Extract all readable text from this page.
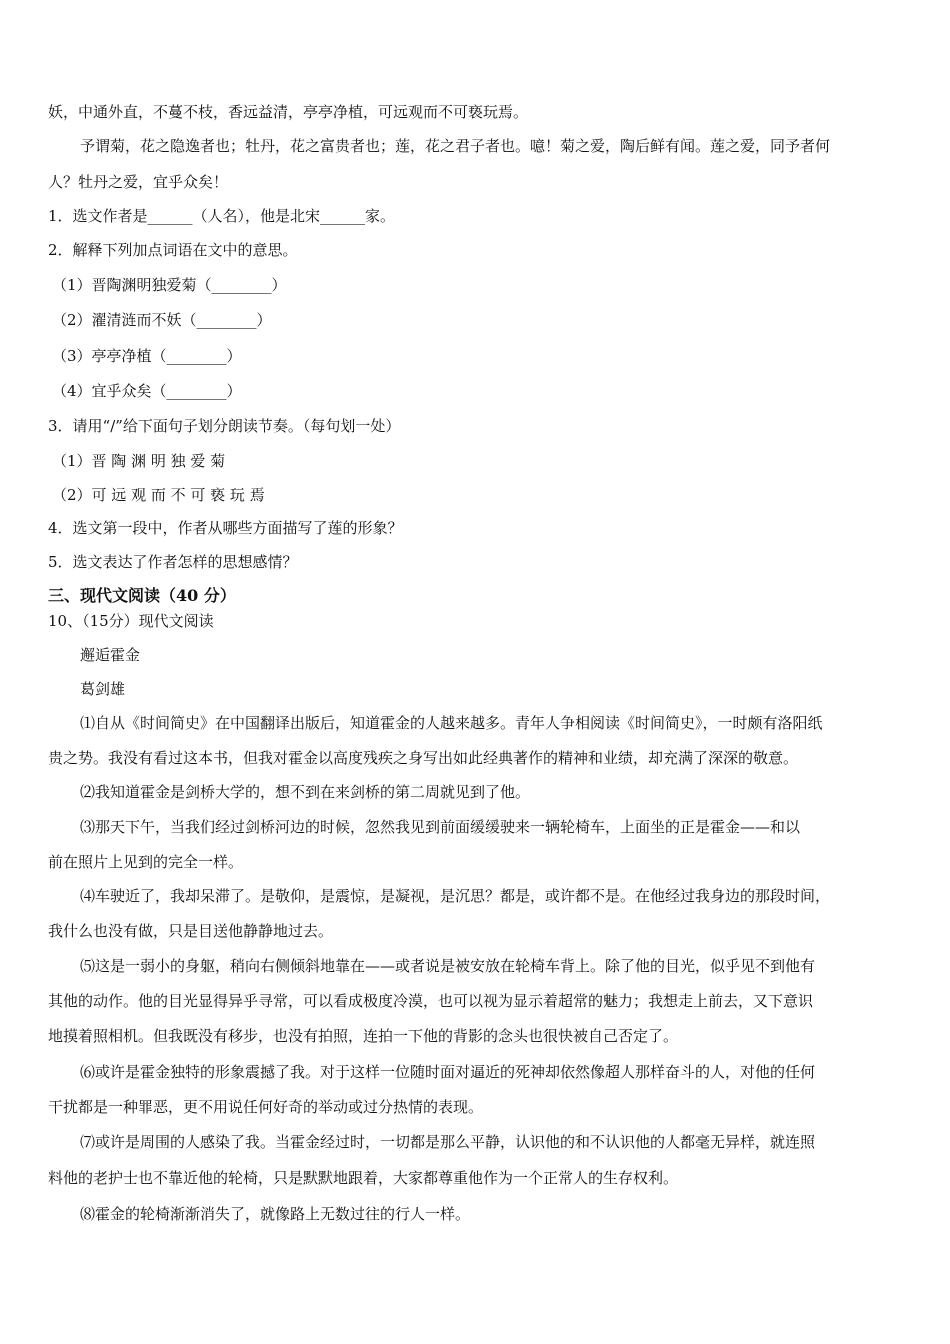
妖，中通外直，不蔓不枝，香远益清，亭亭净植，可远观而不可亵玩焉。
予谓菊，花之隐逸者也；牡丹，花之富贵者也；莲，花之君子者也。噫！菊之爱，陶后鲜有闻。莲之爱，同予者何
人？牡丹之爱，宜乎众矣！
1．选文作者是______（人名），他是北宋______家。
2．解释下列加点词语在文中的意思。
（1）晋陶渊明独爱菊（________）
（2）濯清涟而不妖（________）
（3）亭亭净植（________）
（4）宜乎众矣（________）
3．请用“/”给下面句子划分朗读节奏。（每句划一处）
（1）晋 陶 渊 明 独 爱 菊
（2）可 远 观 而 不 可 亵 玩 焉
4．选文第一段中，作者从哪些方面描写了莲的形象？
5．选文表达了作者怎样的思想感情？
三、现代文阅读（40 分）
10、（15分）现代文阅读
邂逅霍金
葛剑雄
⑴自从《时间简史》在中国翻译出版后，知道霍金的人越来越多。青年人争相阅读《时间简史》，一时颇有洛阳纸
贵之势。我没有看过这本书，但我对霍金以高度残疾之身写出如此经典著作的精神和业绩，却充满了深深的敬意。
⑵我知道霍金是剑桥大学的，想不到在来剑桥的第二周就见到了他。
⑶那天下午，当我们经过剑桥河边的时候，忽然我见到前面缓缓驶来一辆轮椅车，上面坐的正是霍金——和以
前在照片上见到的完全一样。
⑷车驶近了，我却呆滞了。是敬仰，是震惊，是凝视，是沉思？都是，或许都不是。在他经过我身边的那段时间，
我什么也没有做，只是目送他静静地过去。
⑸这是一弱小的身躯，稍向右侧倾斜地靠在——或者说是被安放在轮椅车背上。除了他的目光，似乎见不到他有
其他的动作。他的目光显得异乎寻常，可以看成极度冷漠，也可以视为显示着超常的魅力；我想走上前去，又下意识
地摸着照相机。但我既没有移步，也没有拍照，连拍一下他的背影的念头也很快被自己否定了。
⑹或许是霍金独特的形象震撼了我。对于这样一位随时面对逼近的死神却依然像超人那样奋斗的人，对他的任何
干扰都是一种罪恶，更不用说任何好奇的举动或过分热情的表现。
⑺或许是周围的人感染了我。当霍金经过时，一切都是那么平静，认识他的和不认识他的人都毫无异样，就连照
料他的老护士也不靠近他的轮椅，只是默默地跟着，大家都尊重他作为一个正常人的生存权利。
⑻霍金的轮椅渐渐消失了，就像路上无数过往的行人一样。
